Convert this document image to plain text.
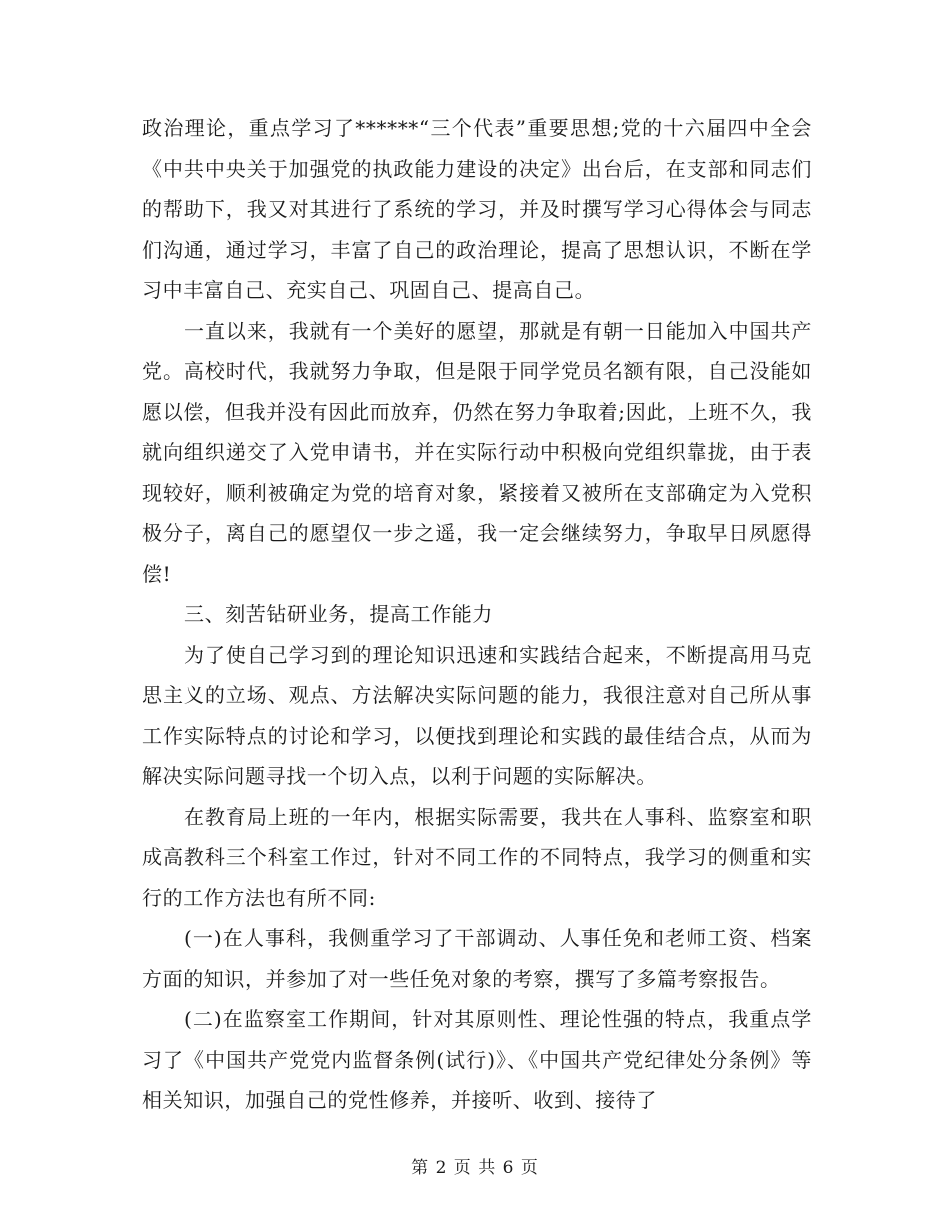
政治理论，重点学习了******“三个代表”重要思想;党的十六届四中全会《中共中央关于加强党的执政能力建设的决定》出台后，在支部和同志们的帮助下，我又对其进行了系统的学习，并及时撰写学习心得体会与同志们沟通，通过学习，丰富了自己的政治理论，提高了思想认识，不断在学习中丰富自己、充实自己、巩固自己、提高自己。

一直以来，我就有一个美好的愿望，那就是有朝一日能加入中国共产党。高校时代，我就努力争取，但是限于同学党员名额有限，自己没能如愿以偿，但我并没有因此而放弃，仍然在努力争取着;因此，上班不久，我就向组织递交了入党申请书，并在实际行动中积极向党组织靠拢，由于表现较好，顺利被确定为党的培育对象，紧接着又被所在支部确定为入党积极分子，离自己的愿望仅一步之遥，我一定会继续努力，争取早日夙愿得偿!

三、刻苦钻研业务，提高工作能力

为了使自己学习到的理论知识迅速和实践结合起来，不断提高用马克思主义的立场、观点、方法解决实际问题的能力，我很注意对自己所从事工作实际特点的讨论和学习，以便找到理论和实践的最佳结合点，从而为解决实际问题寻找一个切入点，以利于问题的实际解决。

在教育局上班的一年内，根据实际需要，我共在人事科、监察室和职成高教科三个科室工作过，针对不同工作的不同特点，我学习的侧重和实行的工作方法也有所不同:

(一)在人事科，我侧重学习了干部调动、人事任免和老师工资、档案方面的知识，并参加了对一些任免对象的考察，撰写了多篇考察报告。

(二)在监察室工作期间，针对其原则性、理论性强的特点，我重点学习了《中国共产党党内监督条例(试行)》、《中国共产党纪律处分条例》等相关知识，加强自己的党性修养，并接听、收到、接待了

第 2 页 共 6 页
